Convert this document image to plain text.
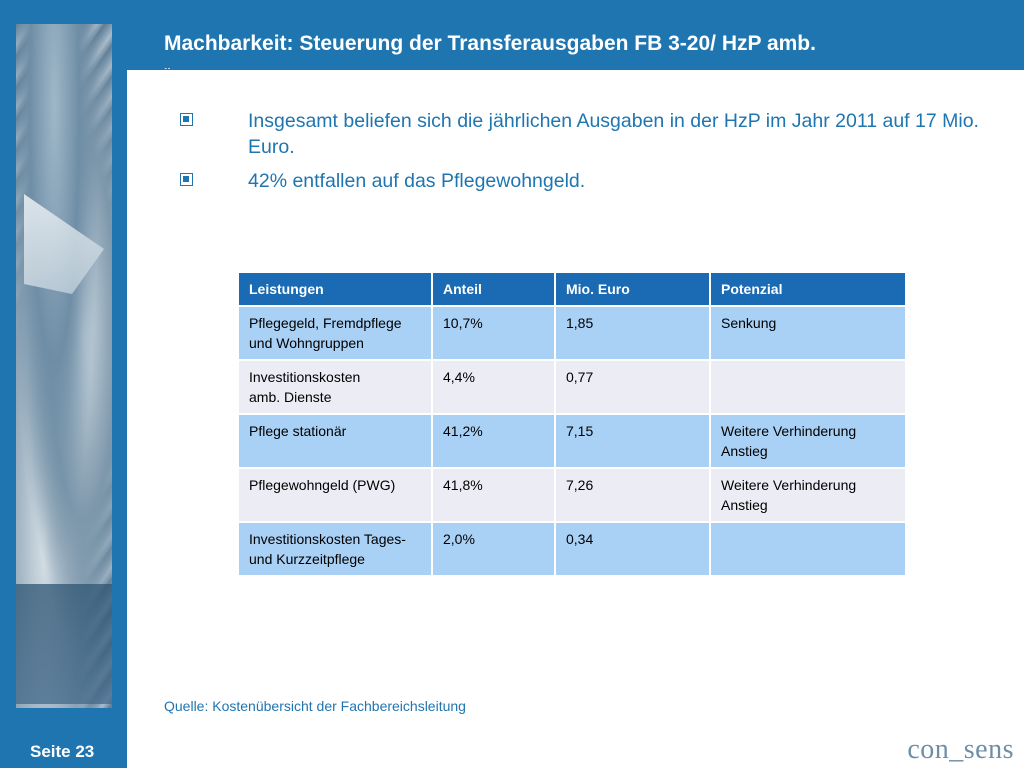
Machbarkeit: Steuerung der Transferausgaben FB 3-20/ HzP amb.
..
Insgesamt beliefen sich die jährlichen Ausgaben in der HzP im Jahr 2011 auf 17 Mio. Euro.
42% entfallen auf das Pflegewohngeld.
Leistungen	Anteil	Mio. Euro	Potenzial
Pflegegeld, Fremdpflege und Wohngruppen	10,7%	1,85	Senkung
Investitionskosten
amb. Dienste	4,4%	0,77	
Pflege stationär	41,2%	7,15	Weitere Verhinderung Anstieg
Pflegewohngeld (PWG)	41,8%	7,26	Weitere Verhinderung Anstieg
Investitionskosten Tages- und Kurzzeitpflege	2,0%	0,34	
Quelle: Kostenübersicht der Fachbereichsleitung
Seite 23	con_sens
